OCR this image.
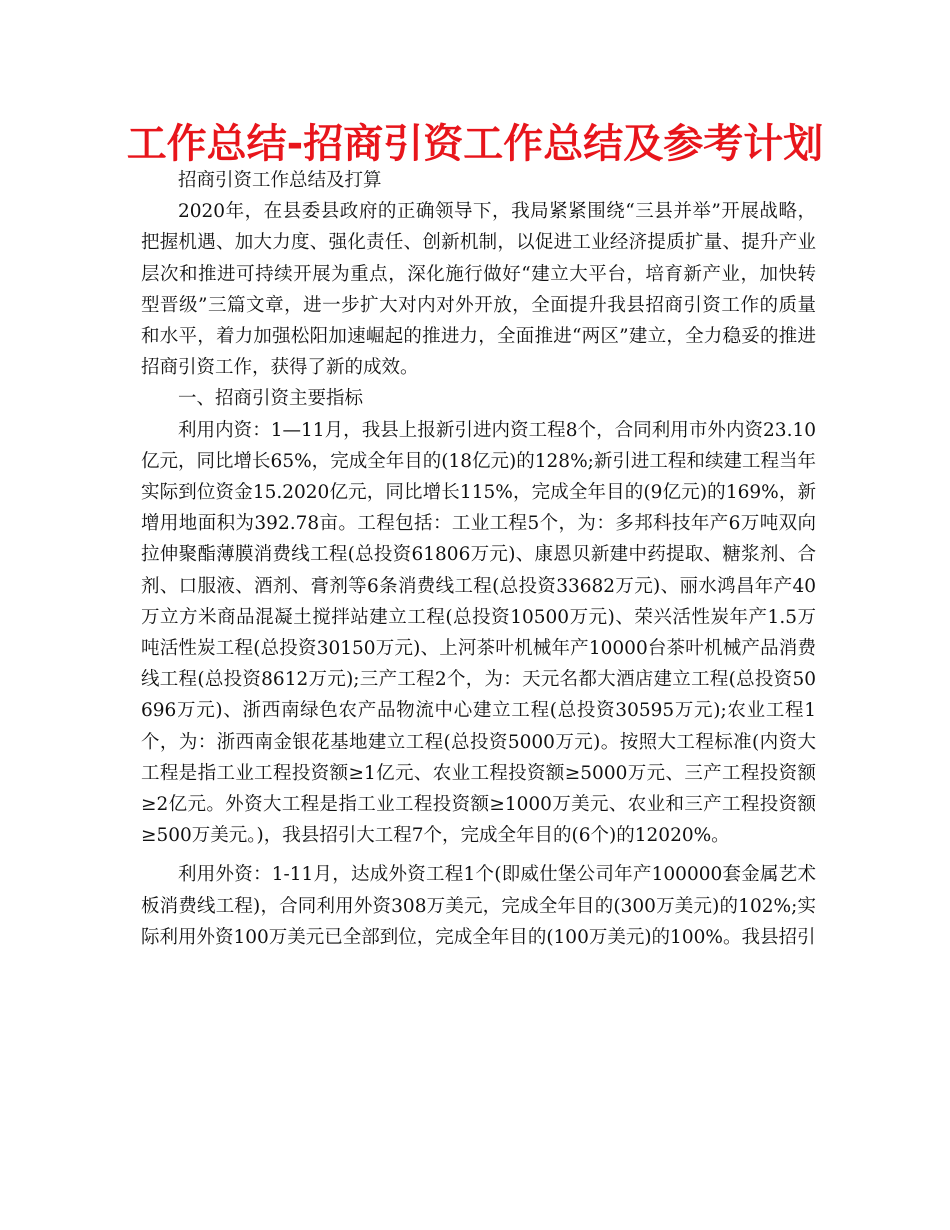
工作总结-招商引资工作总结及参考计划

招商引资工作总结及打算

2020年，在县委县政府的正确领导下，我局紧紧围绕“三县并举”开展战略，把握机遇、加大力度、强化责任、创新机制，以促进工业经济提质扩量、提升产业层次和推进可持续开展为重点，深化施行做好“建立大平台，培育新产业，加快转型晋级”三篇文章，进一步扩大对内对外开放，全面提升我县招商引资工作的质量和水平，着力加强松阳加速崛起的推进力，全面推进“两区”建立，全力稳妥的推进招商引资工作，获得了新的成效。

一、招商引资主要指标

利用内资：1—11月，我县上报新引进内资工程8个，合同利用市外内资23.10亿元，同比增长65%，完成全年目的(18亿元)的128%;新引进工程和续建工程当年实际到位资金15.2020亿元，同比增长115%，完成全年目的(9亿元)的169%，新增用地面积为392.78亩。工程包括：工业工程5个，为：多邦科技年产6万吨双向拉伸聚酯薄膜消费线工程(总投资61806万元)、康恩贝新建中药提取、糖浆剂、合剂、口服液、酒剂、膏剂等6条消费线工程(总投资33682万元)、丽水鸿昌年产40万立方米商品混凝土搅拌站建立工程(总投资10500万元)、荣兴活性炭年产1.5万吨活性炭工程(总投资30150万元)、上河茶叶机械年产10000台茶叶机械产品消费线工程(总投资8612万元);三产工程2个，为：天元名都大酒店建立工程(总投资50696万元)、浙西南绿色农产品物流中心建立工程(总投资30595万元);农业工程1个，为：浙西南金银花基地建立工程(总投资5000万元)。按照大工程标准(内资大工程是指工业工程投资额≥1亿元、农业工程投资额≥5000万元、三产工程投资额≥2亿元。外资大工程是指工业工程投资额≥1000万美元、农业和三产工程投资额≥500万美元。)，我县招引大工程7个，完成全年目的(6个)的12020%。

利用外资：1-11月，达成外资工程1个(即威仕堡公司年产100000套金属艺术板消费线工程)，合同利用外资308万美元，完成全年目的(300万美元)的102%;实际利用外资100万美元已全部到位，完成全年目的(100万美元)的100%。我县招引
